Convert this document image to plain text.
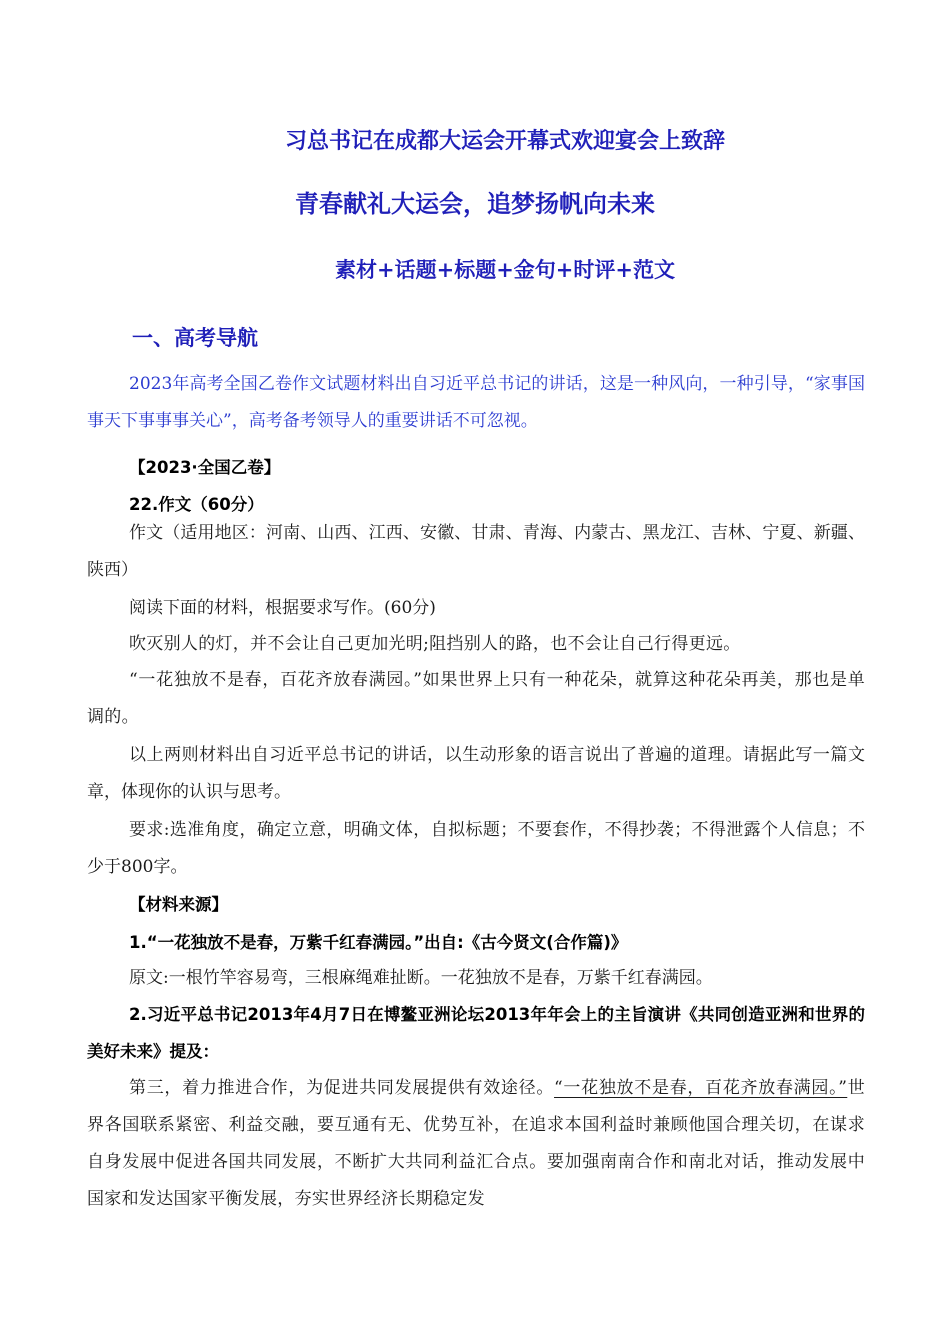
习总书记在成都大运会开幕式欢迎宴会上致辞
青春献礼大运会，追梦扬帆向未来
素材+话题+标题+金句+时评+范文
一、高考导航

2023年高考全国乙卷作文试题材料出自习近平总书记的讲话，这是一种风向，一种引导，“家事国事天下事事事关心”，高考备考领导人的重要讲话不可忽视。

【2023·全国乙卷】

22.作文（60分）

作文（适用地区：河南、山西、江西、安徽、甘肃、青海、内蒙古、黑龙江、吉林、宁夏、新疆、陕西）

阅读下面的材料，根据要求写作。(60分)

吹灭别人的灯，并不会让自己更加光明;阻挡别人的路，也不会让自己行得更远。

“一花独放不是春，百花齐放春满园。”如果世界上只有一种花朵，就算这种花朵再美，那也是单调的。

以上两则材料出自习近平总书记的讲话，以生动形象的语言说出了普遍的道理。请据此写一篇文章，体现你的认识与思考。

要求:选准角度，确定立意，明确文体，自拟标题；不要套作，不得抄袭；不得泄露个人信息；不少于800字。

【材料来源】

1.“一花独放不是春，万紫千红春满园。”出自:《古今贤文(合作篇)》

原文:一根竹竿容易弯，三根麻绳难扯断。一花独放不是春，万紫千红春满园。

2.习近平总书记2013年4月7日在博鳌亚洲论坛2013年年会上的主旨演讲《共同创造亚洲和世界的美好未来》提及：

第三，着力推进合作，为促进共同发展提供有效途径。“一花独放不是春，百花齐放春满园。”世界各国联系紧密、利益交融，要互通有无、优势互补，在追求本国利益时兼顾他国合理关切，在谋求自身发展中促进各国共同发展，不断扩大共同利益汇合点。要加强南南合作和南北对话，推动发展中国家和发达国家平衡发展，夯实世界经济长期稳定发
